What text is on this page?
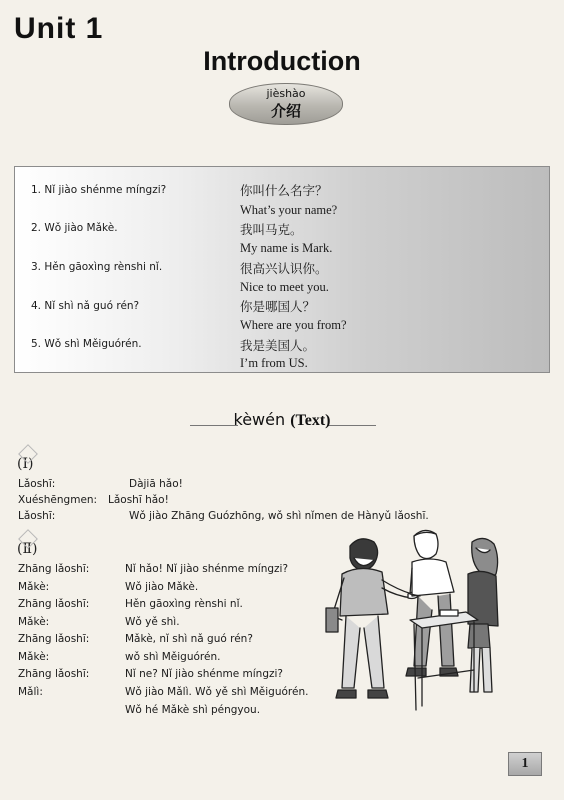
Unit 1
Introduction
jièshào
介绍
1. Nǐ jiào shénme míngzi?	你叫什么名字？
What’s your name?
2. Wǒ jiào Mǎkè.	我叫马克。
My name is Mark.
3. Hěn gāoxìng rènshi nǐ.	很高兴认识你。
Nice to meet you.
4. Nǐ shì nǎ guó rén?	你是哪国人？
Where are you from?
5. Wǒ shì Měiguórén.	我是美国人。
I’m from US.
kèwén (Text)
(Ⅰ)
Lǎoshī:	Dàjiā hǎo!
Xuéshēngmen: Lǎoshī hǎo!
Lǎoshī:	Wǒ jiào Zhāng Guózhōng, wǒ shì nǐmen de Hànyǔ lǎoshī.
(Ⅱ)
Zhāng lǎoshī:	Nǐ hǎo! Nǐ jiào shénme míngzi?
Mǎkè:	Wǒ jiào Mǎkè.
Zhāng lǎoshī:	Hěn gāoxìng rènshi nǐ.
Mǎkè:	Wǒ yě shì.
Zhāng lǎoshī:	Mǎkè, nǐ shì nǎ guó rén?
Mǎkè:	wǒ shì Měiguórén.
Zhāng lǎoshī:	Nǐ ne? Nǐ jiào shénme míngzi?
Mǎlì:	Wǒ jiào Mǎlì. Wǒ yě shì Měiguórén.
Wǒ hé Mǎkè shì péngyou.
1
